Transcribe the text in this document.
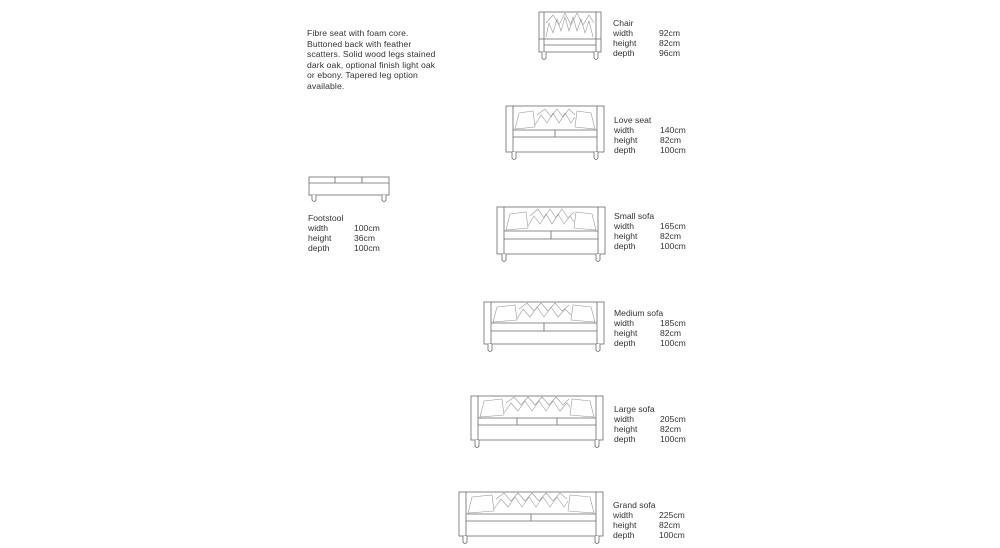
Fibre seat with foam core.
Buttoned back with feather
scatters. Solid wood legs stained
dark oak, optional finish light oak
or ebony. Tapered leg option
available.
Chair
width	92cm
height	82cm
depth	96cm
Love seat
width	140cm
height	82cm
depth	100cm
Footstool
width	100cm
height	36cm
depth	100cm
Small sofa
width	165cm
height	82cm
depth	100cm
Medium sofa
width	185cm
height	82cm
depth	100cm
Large sofa
width	205cm
height	82cm
depth	100cm
Grand sofa
width	225cm
height	82cm
depth	100cm
